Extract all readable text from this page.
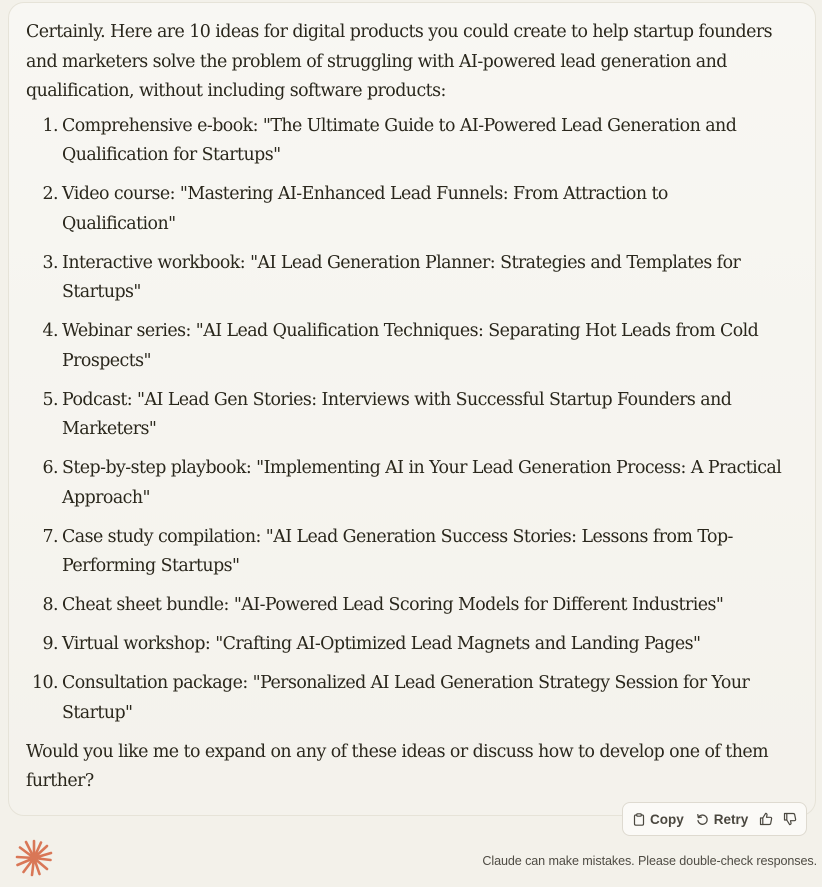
Certainly. Here are 10 ideas for digital products you could create to help startup founders and marketers solve the problem of struggling with AI-powered lead generation and qualification, without including software products:

1. Comprehensive e-book: "The Ultimate Guide to AI-Powered Lead Generation and Qualification for Startups"
2. Video course: "Mastering AI-Enhanced Lead Funnels: From Attraction to Qualification"
3. Interactive workbook: "AI Lead Generation Planner: Strategies and Templates for Startups"
4. Webinar series: "AI Lead Qualification Techniques: Separating Hot Leads from Cold Prospects"
5. Podcast: "AI Lead Gen Stories: Interviews with Successful Startup Founders and Marketers"
6. Step-by-step playbook: "Implementing AI in Your Lead Generation Process: A Practical Approach"
7. Case study compilation: "AI Lead Generation Success Stories: Lessons from Top-Performing Startups"
8. Cheat sheet bundle: "AI-Powered Lead Scoring Models for Different Industries"
9. Virtual workshop: "Crafting AI-Optimized Lead Magnets and Landing Pages"
10. Consultation package: "Personalized AI Lead Generation Strategy Session for Your Startup"

Would you like me to expand on any of these ideas or discuss how to develop one of them further?

Copy Retry
Claude can make mistakes. Please double-check responses.
